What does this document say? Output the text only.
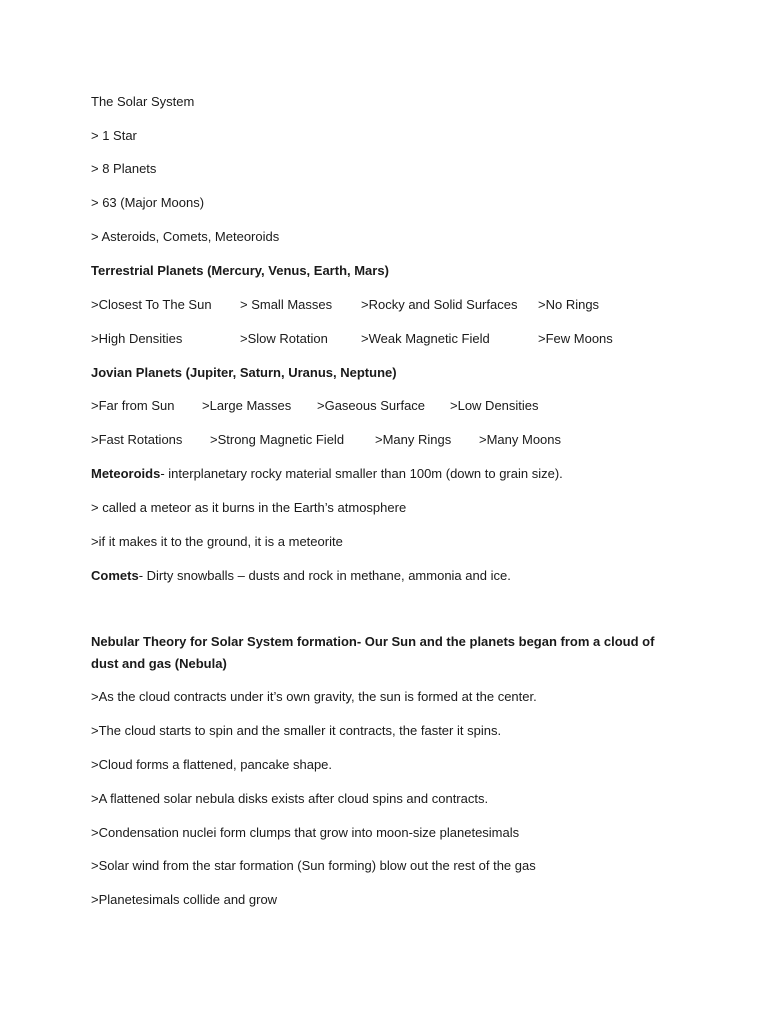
The Solar System
> 1 Star
> 8 Planets
> 63 (Major Moons)
> Asteroids, Comets, Meteoroids
Terrestrial Planets (Mercury, Venus, Earth, Mars)
>Closest To The Sun > Small Masses >Rocky and Solid Surfaces >No Rings
>High Densities	>Slow Rotation	>Weak Magnetic Field	>Few Moons
Jovian Planets (Jupiter, Saturn, Uranus, Neptune)
>Far from Sun >Large Masses >Gaseous Surface >Low Densities
>Fast Rotations >Strong Magnetic Field >Many Rings >Many Moons
Meteoroids- interplanetary rocky material smaller than 100m (down to grain size).
> called a meteor as it burns in the Earth’s atmosphere
>if it makes it to the ground, it is a meteorite
Comets- Dirty snowballs – dusts and rock in methane, ammonia and ice.
Nebular Theory for Solar System formation- Our Sun and the planets began from a cloud of dust and gas (Nebula)
>As the cloud contracts under it’s own gravity, the sun is formed at the center.
>The cloud starts to spin and the smaller it contracts, the faster it spins.
>Cloud forms a flattened, pancake shape.
>A flattened solar nebula disks exists after cloud spins and contracts.
>Condensation nuclei form clumps that grow into moon-size planetesimals
>Solar wind from the star formation (Sun forming) blow out the rest of the gas
>Planetesimals collide and grow
